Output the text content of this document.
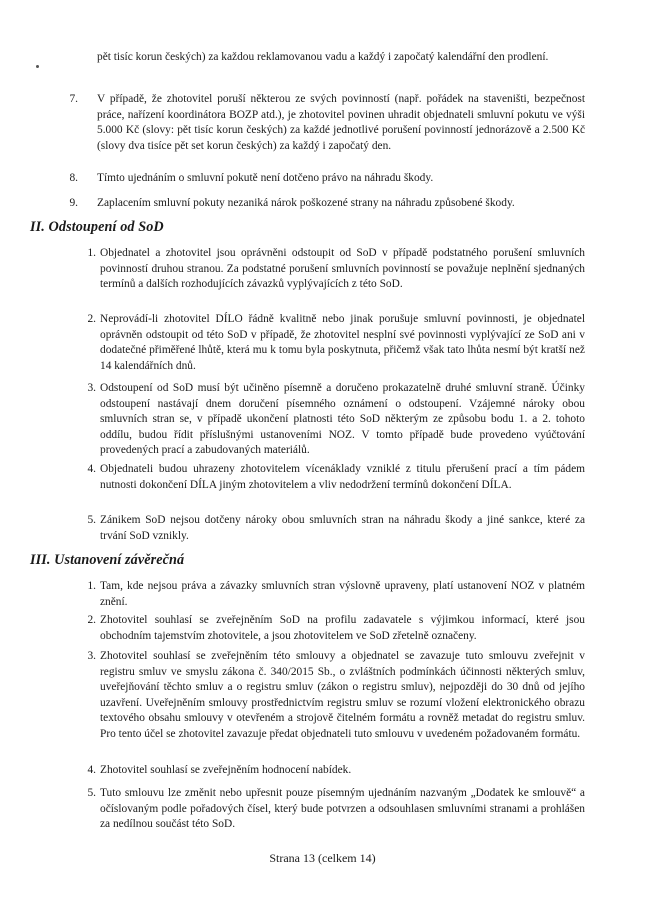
pět tisíc korun českých) za každou reklamovanou vadu a každý i započatý kalendářní den prodlení.

7. V případě, že zhotovitel poruší některou ze svých povinností (např. pořádek na staveništi, bezpečnost práce, nařízení koordinátora BOZP atd.), je zhotovitel povinen uhradit objednateli smluvní pokutu ve výši 5.000 Kč (slovy: pět tisíc korun českých) za každé jednotlivé porušení povinností jednorázově a 2.500 Kč (slovy dva tisíce pět set korun českých) za každý i započatý den.
8. Tímto ujednáním o smluvní pokutě není dotčeno právo na náhradu škody.
9. Zaplacením smluvní pokuty nezaniká nárok poškozené strany na náhradu způsobené škody.
II. Odstoupení od SoD
1. Objednatel a zhotovitel jsou oprávněni odstoupit od SoD v případě podstatného porušení smluvních povinností druhou stranou. Za podstatné porušení smluvních povinností se považuje neplnění sjednaných termínů a dalších rozhodujících závazků vyplývajících z této SoD.
2. Neprovádí-li zhotovitel DÍLO řádně kvalitně nebo jinak porušuje smluvní povinnosti, je objednatel oprávněn odstoupit od této SoD v případě, že zhotovitel nesplní své povinnosti vyplývající ze SoD ani v dodatečné přiměřené lhůtě, která mu k tomu byla poskytnuta, přičemž však tato lhůta nesmí být kratší než 14 kalendářních dnů.
3. Odstoupení od SoD musí být učiněno písemně a doručeno prokazatelně druhé smluvní straně. Účinky odstoupení nastávají dnem doručení písemného oznámení o odstoupení. Vzájemné nároky obou smluvních stran se, v případě ukončení platnosti této SoD některým ze způsobu bodu 1. a 2. tohoto oddílu, budou řídit příslušnými ustanoveními NOZ. V tomto případě bude provedeno vyúčtování provedených prací a zabudovaných materiálů.
4. Objednateli budou uhrazeny zhotovitelem vícenáklady vzniklé z titulu přerušení prací a tím pádem nutnosti dokončení DÍLA jiným zhotovitelem a vliv nedodržení termínů dokončení DÍLA.
5. Zánikem SoD nejsou dotčeny nároky obou smluvních stran na náhradu škody a jiné sankce, které za trvání SoD vznikly.
III. Ustanovení závěrečná
1. Tam, kde nejsou práva a závazky smluvních stran výslovně upraveny, platí ustanovení NOZ v platném znění.
2. Zhotovitel souhlasí se zveřejněním SoD na profilu zadavatele s výjimkou informací, které jsou obchodním tajemstvím zhotovitele, a jsou zhotovitelem ve SoD zřetelně označeny.
3. Zhotovitel souhlasí se zveřejněním této smlouvy a objednatel se zavazuje tuto smlouvu zveřejnit v registru smluv ve smyslu zákona č. 340/2015 Sb., o zvláštních podmínkách účinnosti některých smluv, uveřejňování těchto smluv a o registru smluv (zákon o registru smluv), nejpozději do 30 dnů od jejího uzavření. Uveřejněním smlouvy prostřednictvím registru smluv se rozumí vložení elektronického obrazu textového obsahu smlouvy v otevřeném a strojově čitelném formátu a rovněž metadat do registru smluv. Pro tento účel se zhotovitel zavazuje předat objednateli tuto smlouvu v uvedeném požadovaném formátu.
4. Zhotovitel souhlasí se zveřejněním hodnocení nabídek.
5. Tuto smlouvu lze změnit nebo upřesnit pouze písemným ujednáním nazvaným „Dodatek ke smlouvě“ a očíslovaným podle pořadových čísel, který bude potvrzen a odsouhlasen smluvními stranami a prohlášen za nedílnou součást této SoD.
Strana 13 (celkem 14)
